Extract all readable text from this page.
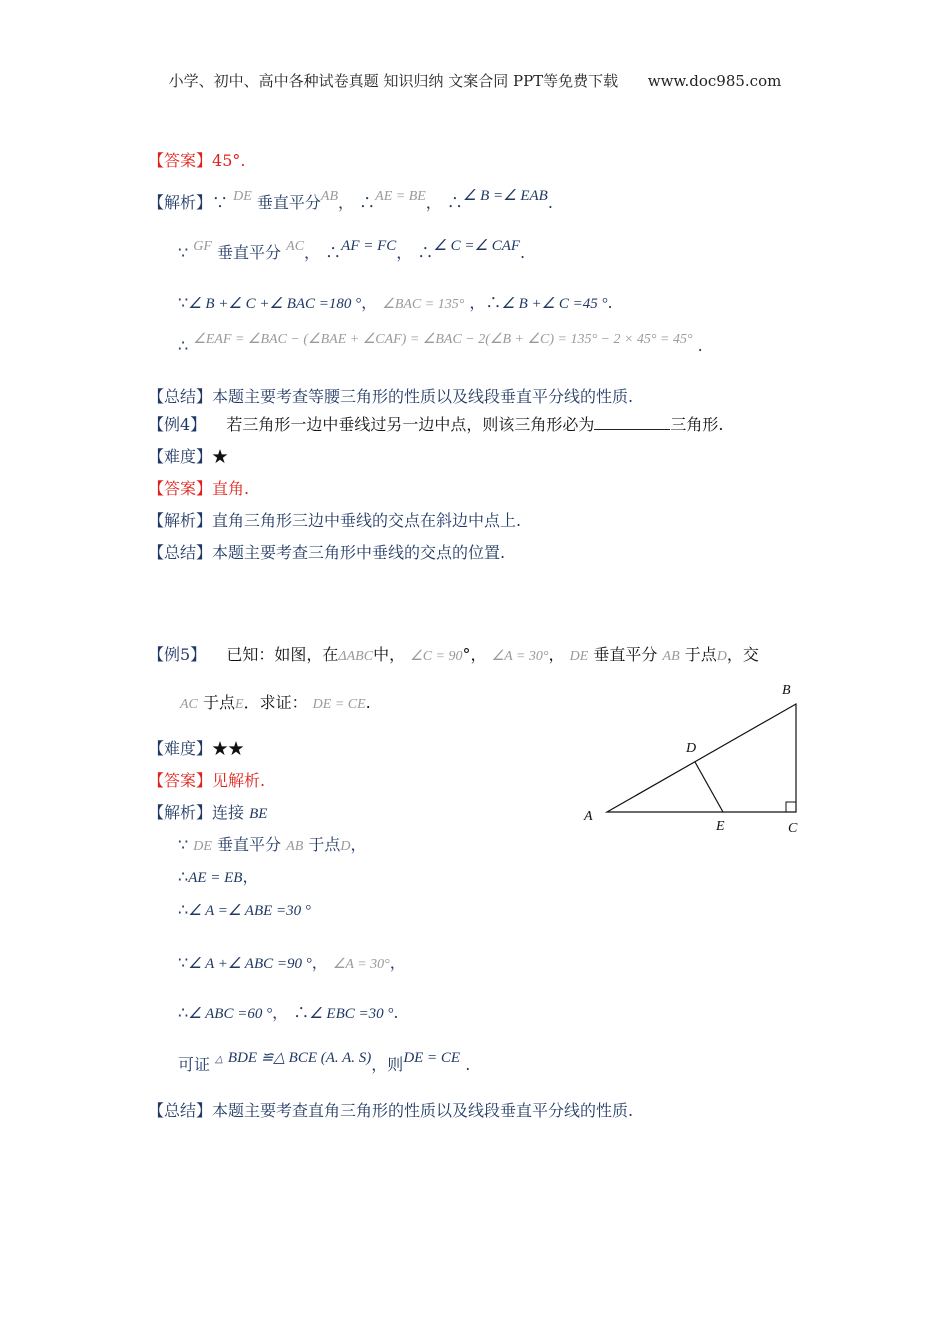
小学、初中、高中各种试卷真题 知识归纳 文案合同 PPT等免费下载 www.doc985.com
【答案】45°.
【解析】∵ DE 垂直平分AB， ∴AE = BE， ∴∠ B =∠ EAB.
∵ GF 垂直平分 AC， ∴AF = FC， ∴∠ C =∠ CAF.
∵∠ B +∠ C +∠ BAC =180 °， ∠BAC = 135° ，∴∠ B +∠ C =45 °.
∴ ∠EAF = ∠BAC − (∠BAE + ∠CAF) = ∠BAC − 2(∠B + ∠C) = 135° − 2 × 45° = 45° .
【总结】本题主要考查等腰三角形的性质以及线段垂直平分线的性质.
【例4】 若三角形一边中垂线过另一边中点，则该三角形必为	三角形.
【难度】★
【答案】直角.
【解析】直角三角形三边中垂线的交点在斜边中点上.
【总结】本题主要考查三角形中垂线的交点的位置.
【例5】 已知：如图，在ΔABC中， ∠C = 90°， ∠A = 30°， DE 垂直平分 AB 于点D，交
AC 于点E．求证： DE = CE.
【难度】★★
【答案】见解析.
【解析】连接 BE
∵ DE 垂直平分 AB 于点D，
∴AE = EB，
∴∠ A =∠ ABE =30 °
∵∠ A +∠ ABC =90 °， ∠A = 30°，
∴∠ ABC =60 °， ∴∠ EBC =30 °.
可证 △ BDE ≌△ BCE (A. A. S)，则DE = CE .
【总结】本题主要考查直角三角形的性质以及线段垂直平分线的性质.
A
B
C
D
E
